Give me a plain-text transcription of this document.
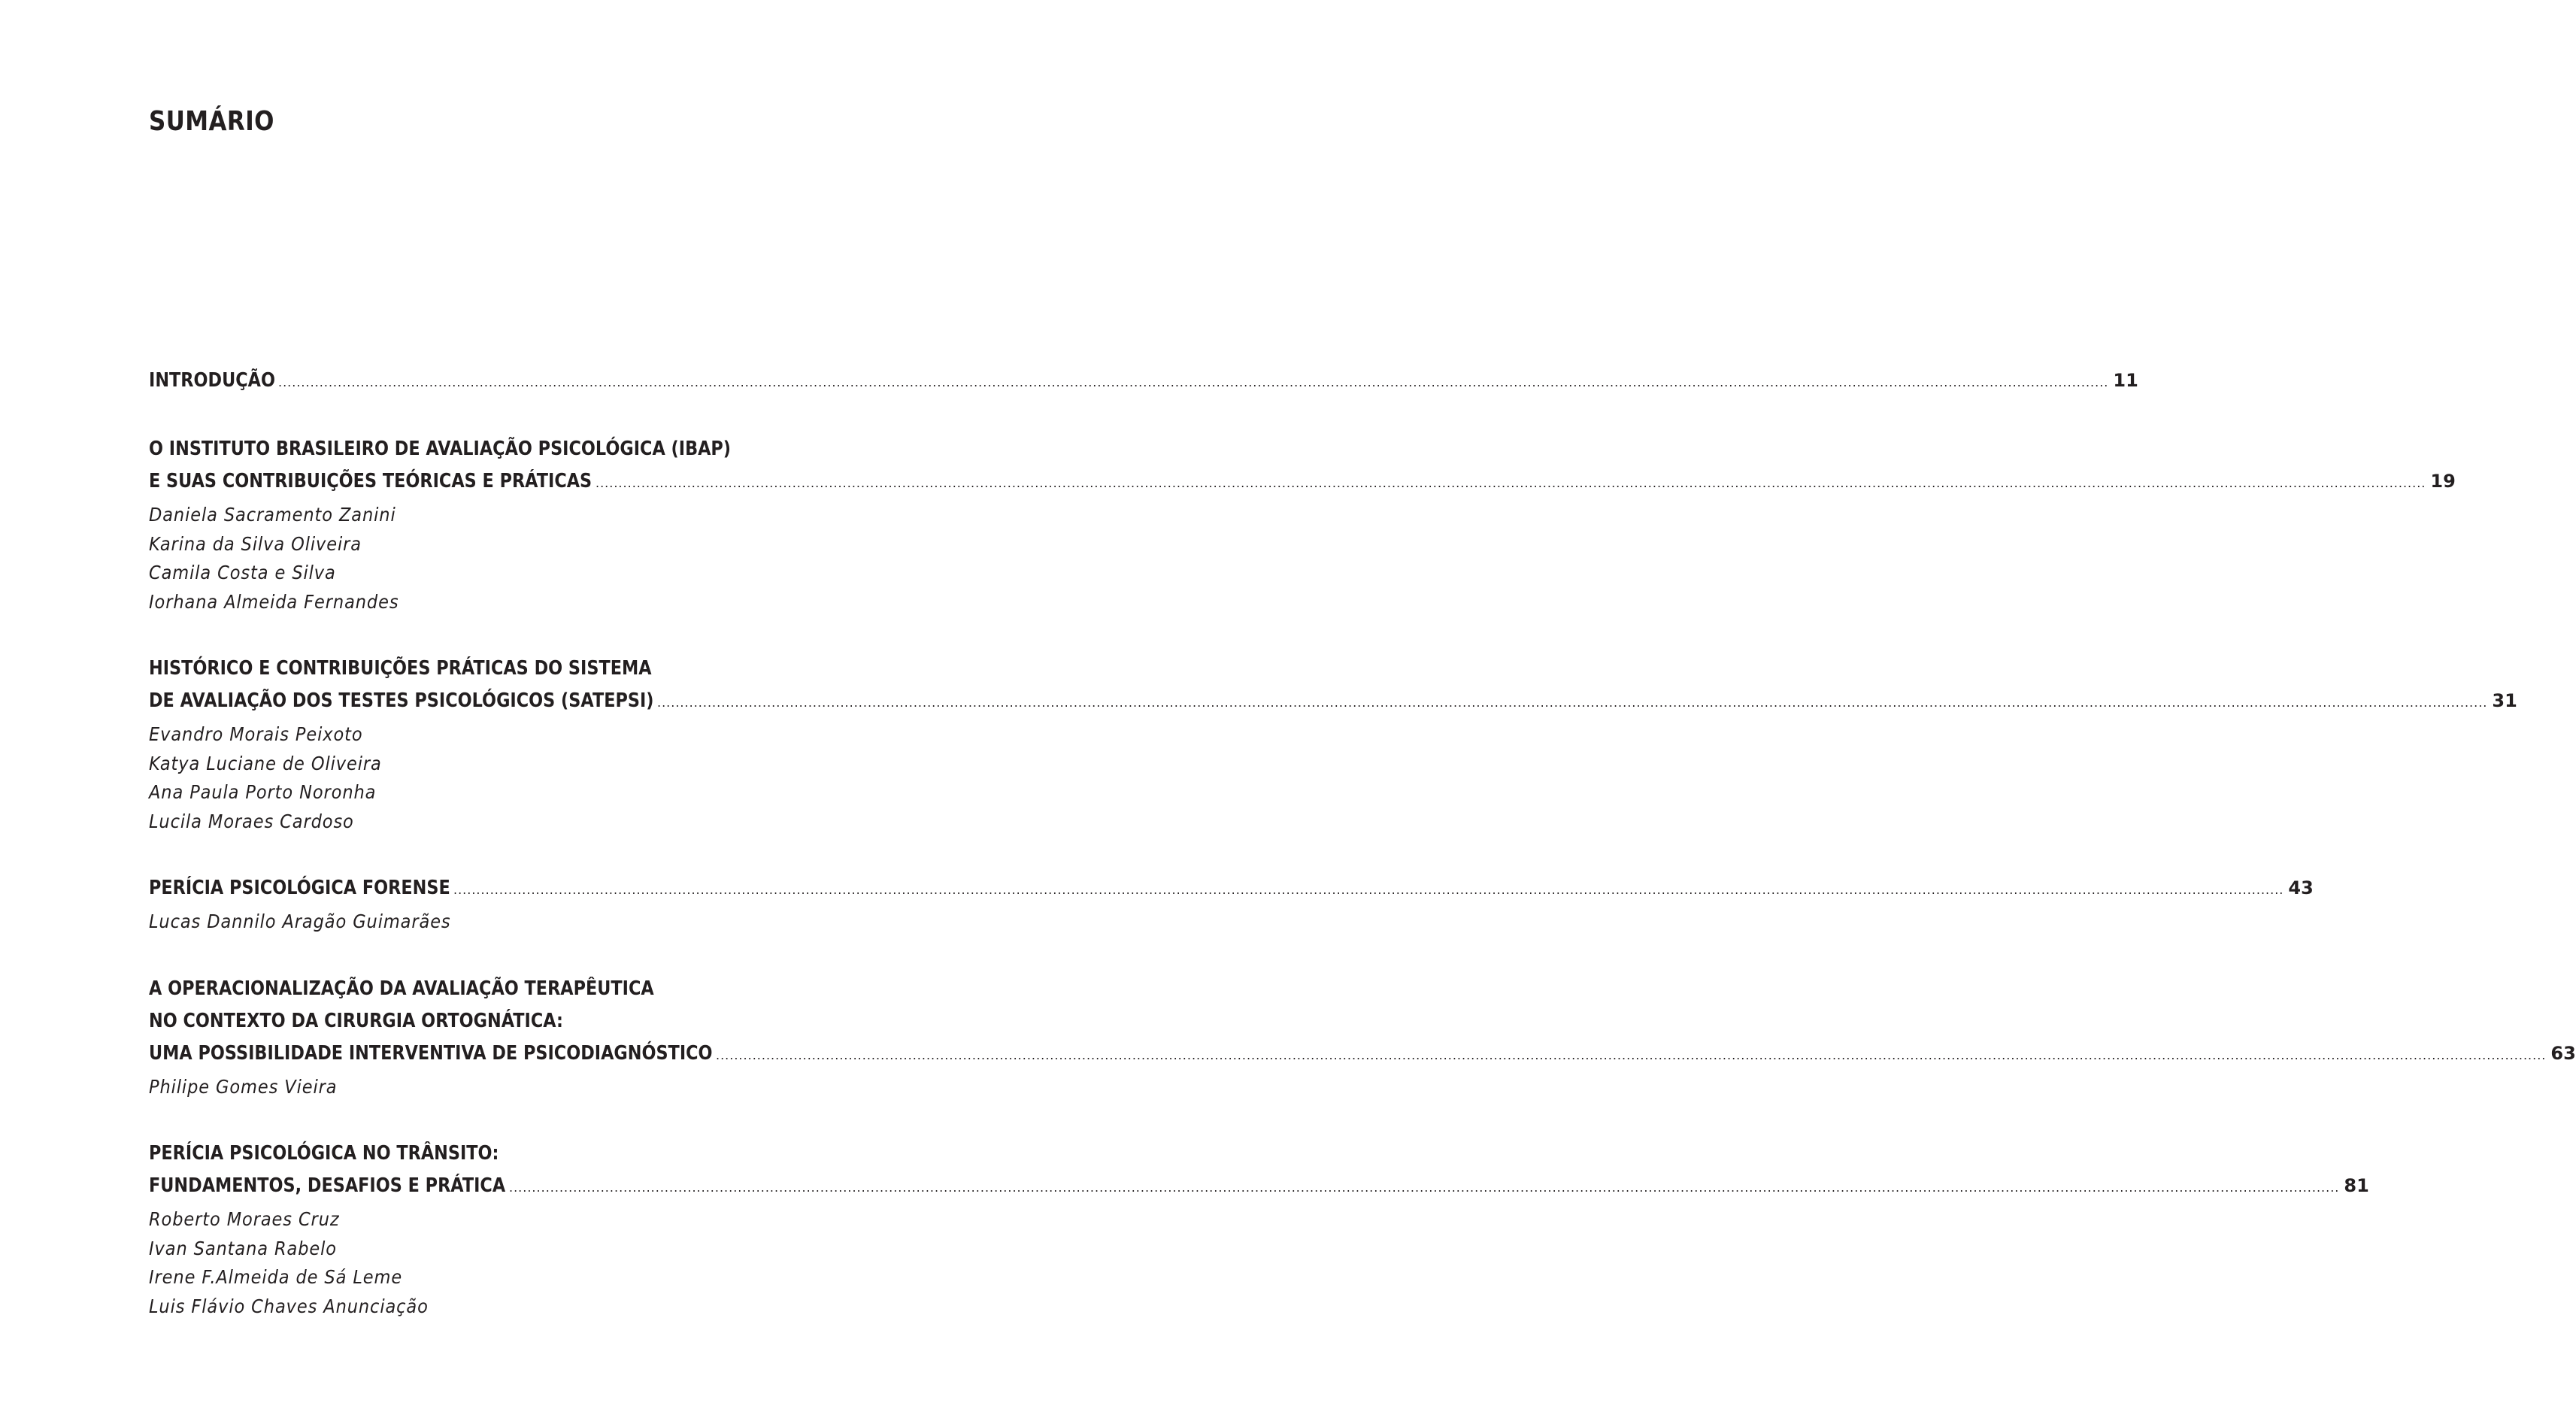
SUMÁRIO
INTRODUÇÃO ................................................................................................................................................................................................................................................................................................................................................................................................................ 11
O INSTITUTO BRASILEIRO DE AVALIAÇÃO PSICOLÓGICA (IBAP)
E SUAS CONTRIBUIÇÕES TEÓRICAS E PRÁTICAS ................................................................................................................................................................................................................................................................................................................................................................................................................ 19
Daniela Sacramento Zanini
Karina da Silva Oliveira
Camila Costa e Silva
Iorhana Almeida Fernandes
HISTÓRICO E CONTRIBUIÇÕES PRÁTICAS DO SISTEMA
DE AVALIAÇÃO DOS TESTES PSICOLÓGICOS (SATEPSI) ................................................................................................................................................................................................................................................................................................................................................................................................................ 31
Evandro Morais Peixoto
Katya Luciane de Oliveira
Ana Paula Porto Noronha
Lucila Moraes Cardoso
PERÍCIA PSICOLÓGICA FORENSE ................................................................................................................................................................................................................................................................................................................................................................................................................ 43
Lucas Dannilo Aragão Guimarães
A OPERACIONALIZAÇÃO DA AVALIAÇÃO TERAPÊUTICA
NO CONTEXTO DA CIRURGIA ORTOGNÁTICA:
UMA POSSIBILIDADE INTERVENTIVA DE PSICODIAGNÓSTICO ................................................................................................................................................................................................................................................................................................................................................................................................................ 63
Philipe Gomes Vieira
PERÍCIA PSICOLÓGICA NO TRÂNSITO:
FUNDAMENTOS, DESAFIOS E PRÁTICA ................................................................................................................................................................................................................................................................................................................................................................................................................ 81
Roberto Moraes Cruz
Ivan Santana Rabelo
Irene F.Almeida de Sá Leme
Luis Flávio Chaves Anunciação
